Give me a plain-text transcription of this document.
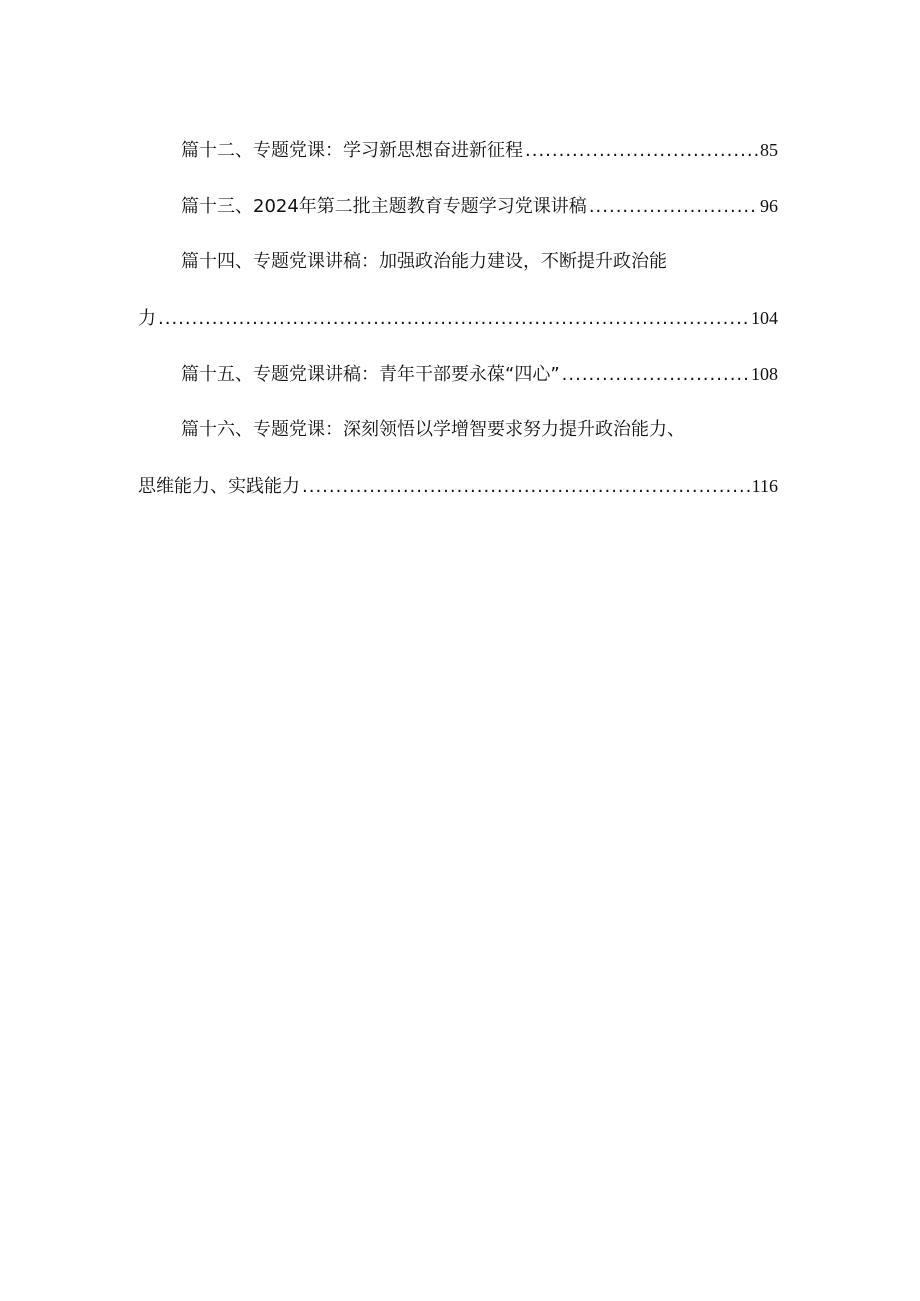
篇十二、专题党课：学习新思想奋进新征程 .....	85
篇十三、2024年第二批主题教育专题学习党课讲稿 .....	96
篇十四、专题党课讲稿：加强政治能力建设，不断提升政治能
力 .....	104
篇十五、专题党课讲稿：青年干部要永葆“四心” .....	108
篇十六、专题党课：深刻领悟以学增智要求努力提升政治能力、
思维能力、实践能力 .....	116
